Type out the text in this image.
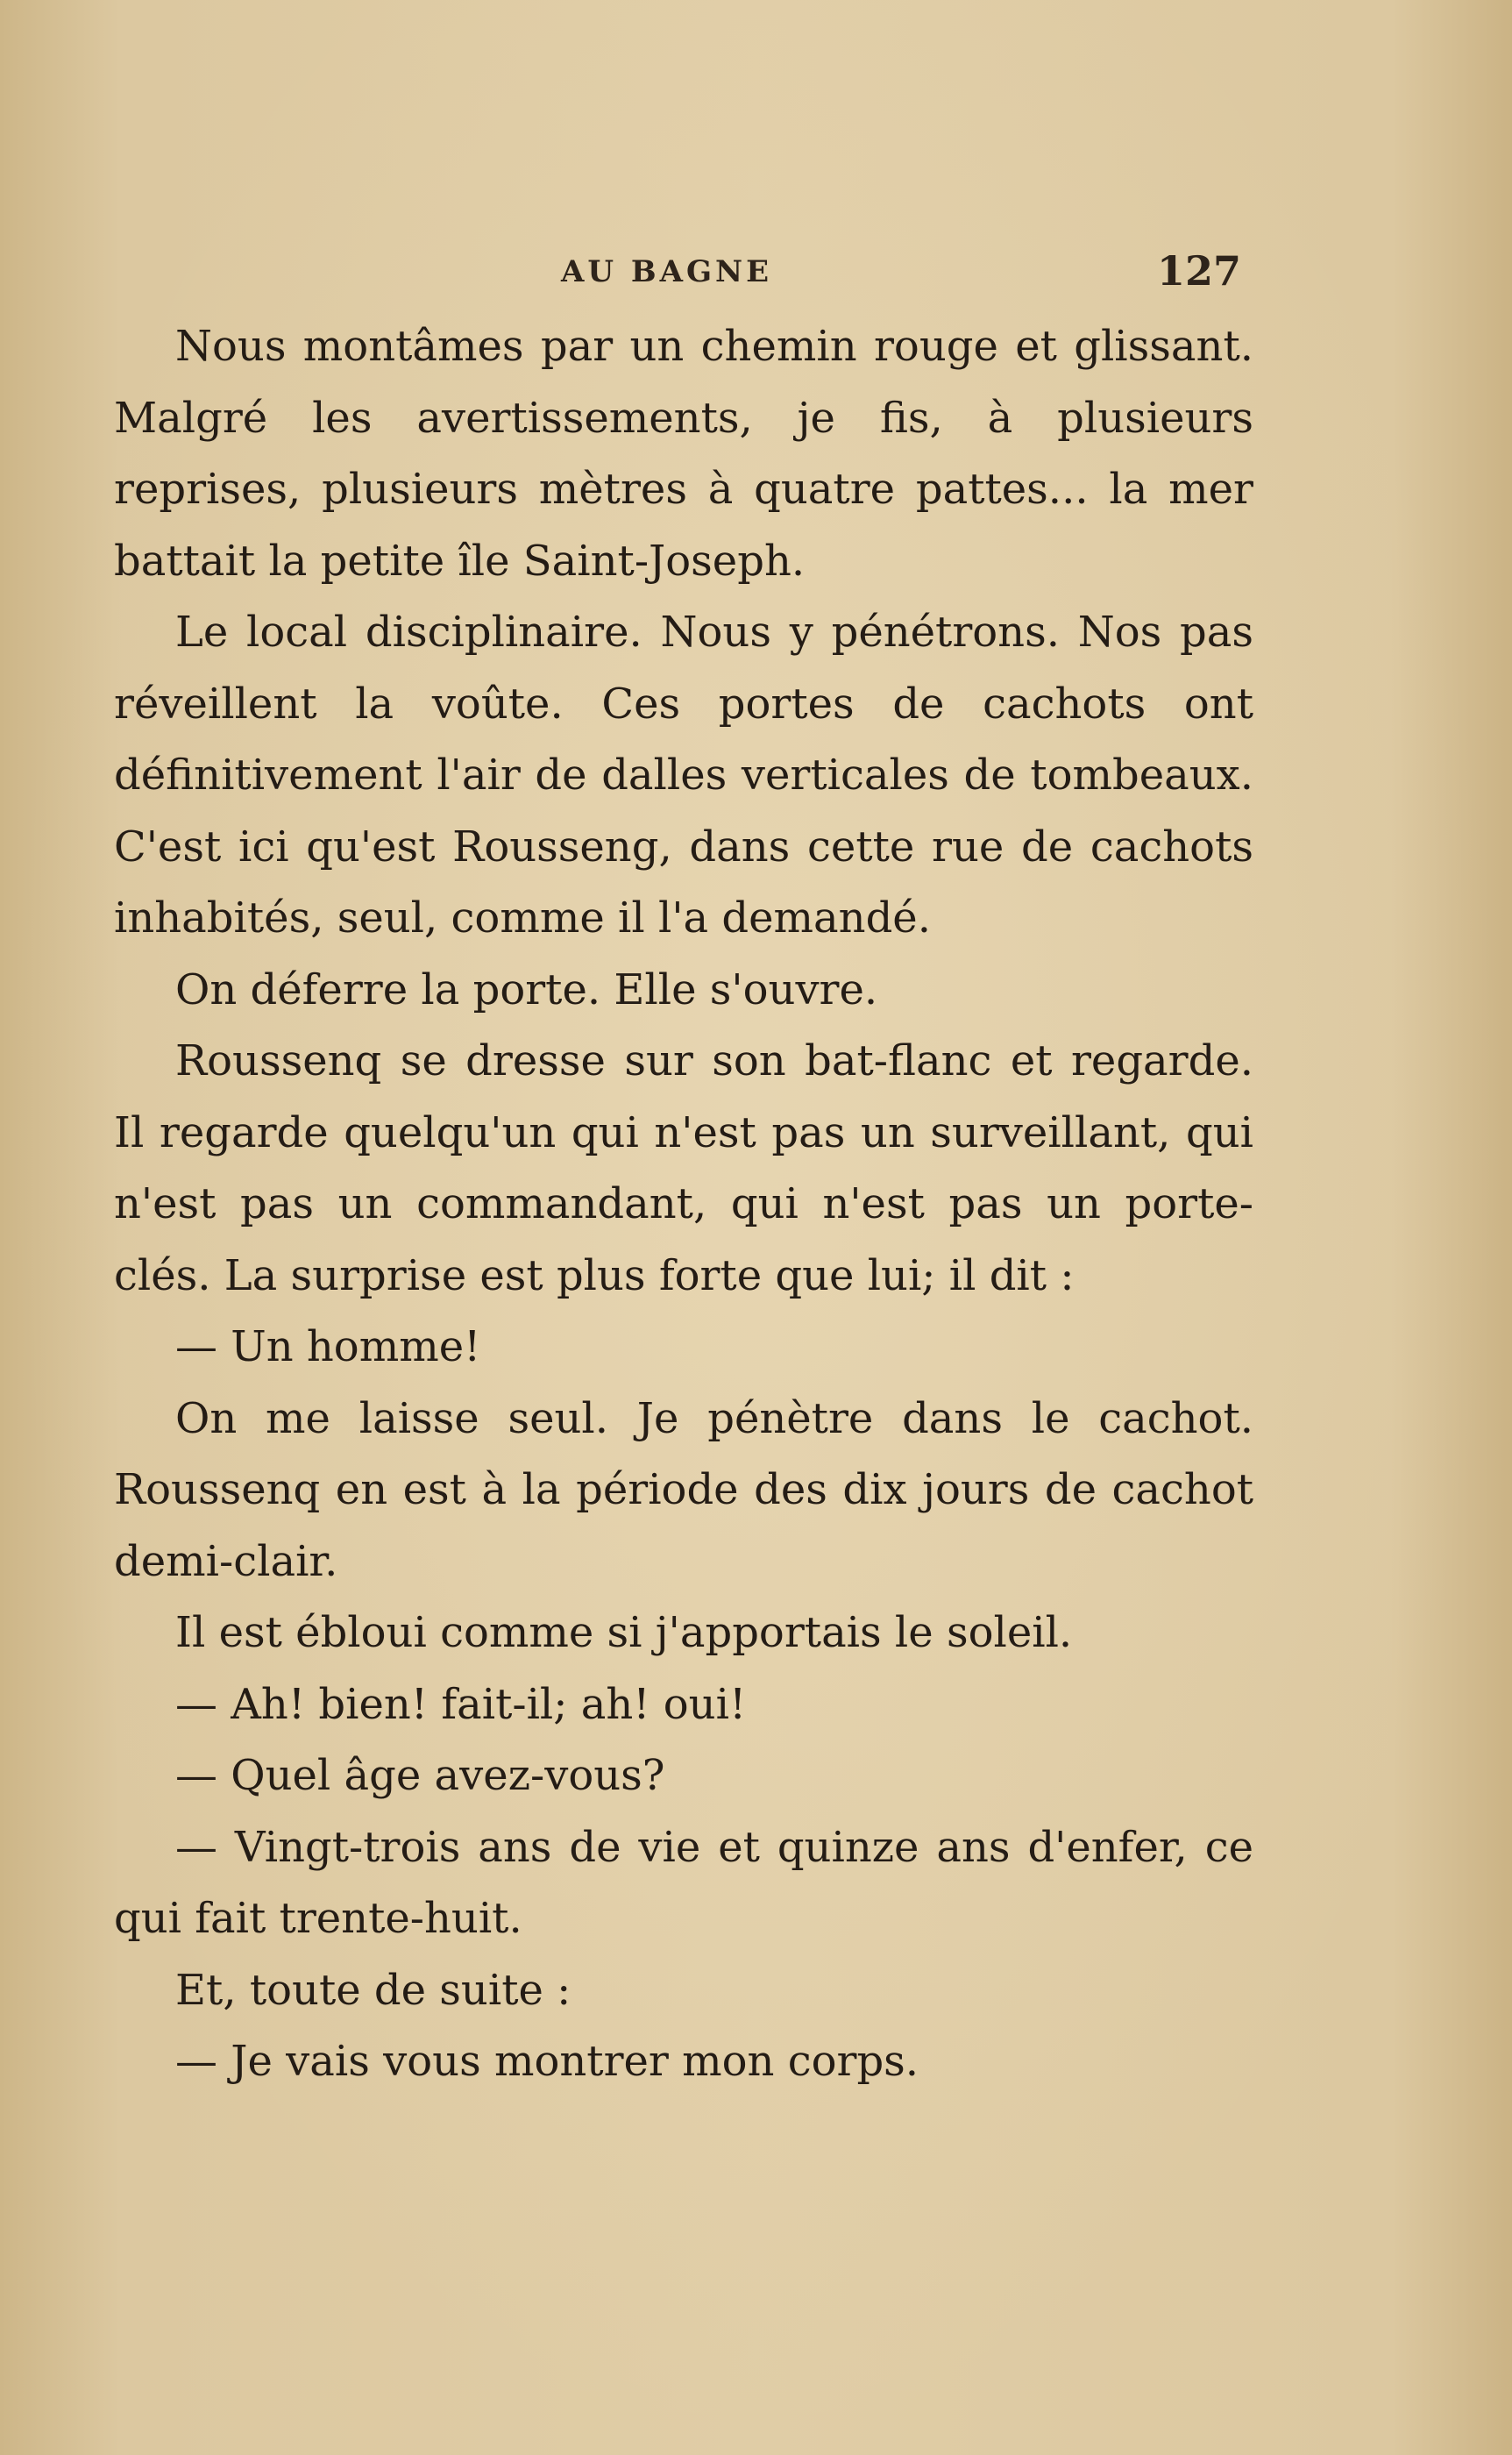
AU BAGNE	127

Nous montâmes par un chemin rouge et glissant. Malgré les avertissements, je fis, à plusieurs reprises, plusieurs mètres à quatre pattes... la mer battait la petite île Saint-Joseph.

Le local disciplinaire. Nous y pénétrons. Nos pas réveillent la voûte. Ces portes de cachots ont définitivement l'air de dalles verticales de tombeaux. C'est ici qu'est Rousseng, dans cette rue de cachots inhabités, seul, comme il l'a demandé.

On déferre la porte. Elle s'ouvre.

Roussenq se dresse sur son bat-flanc et regarde. Il regarde quelqu'un qui n'est pas un surveillant, qui n'est pas un commandant, qui n'est pas un porte-clés. La surprise est plus forte que lui; il dit :

— Un homme!

On me laisse seul. Je pénètre dans le cachot. Roussenq en est à la période des dix jours de cachot demi-clair.

Il est ébloui comme si j'apportais le soleil.

— Ah! bien! fait-il; ah! oui!

— Quel âge avez-vous?

— Vingt-trois ans de vie et quinze ans d'enfer, ce qui fait trente-huit.

Et, toute de suite :

— Je vais vous montrer mon corps.
